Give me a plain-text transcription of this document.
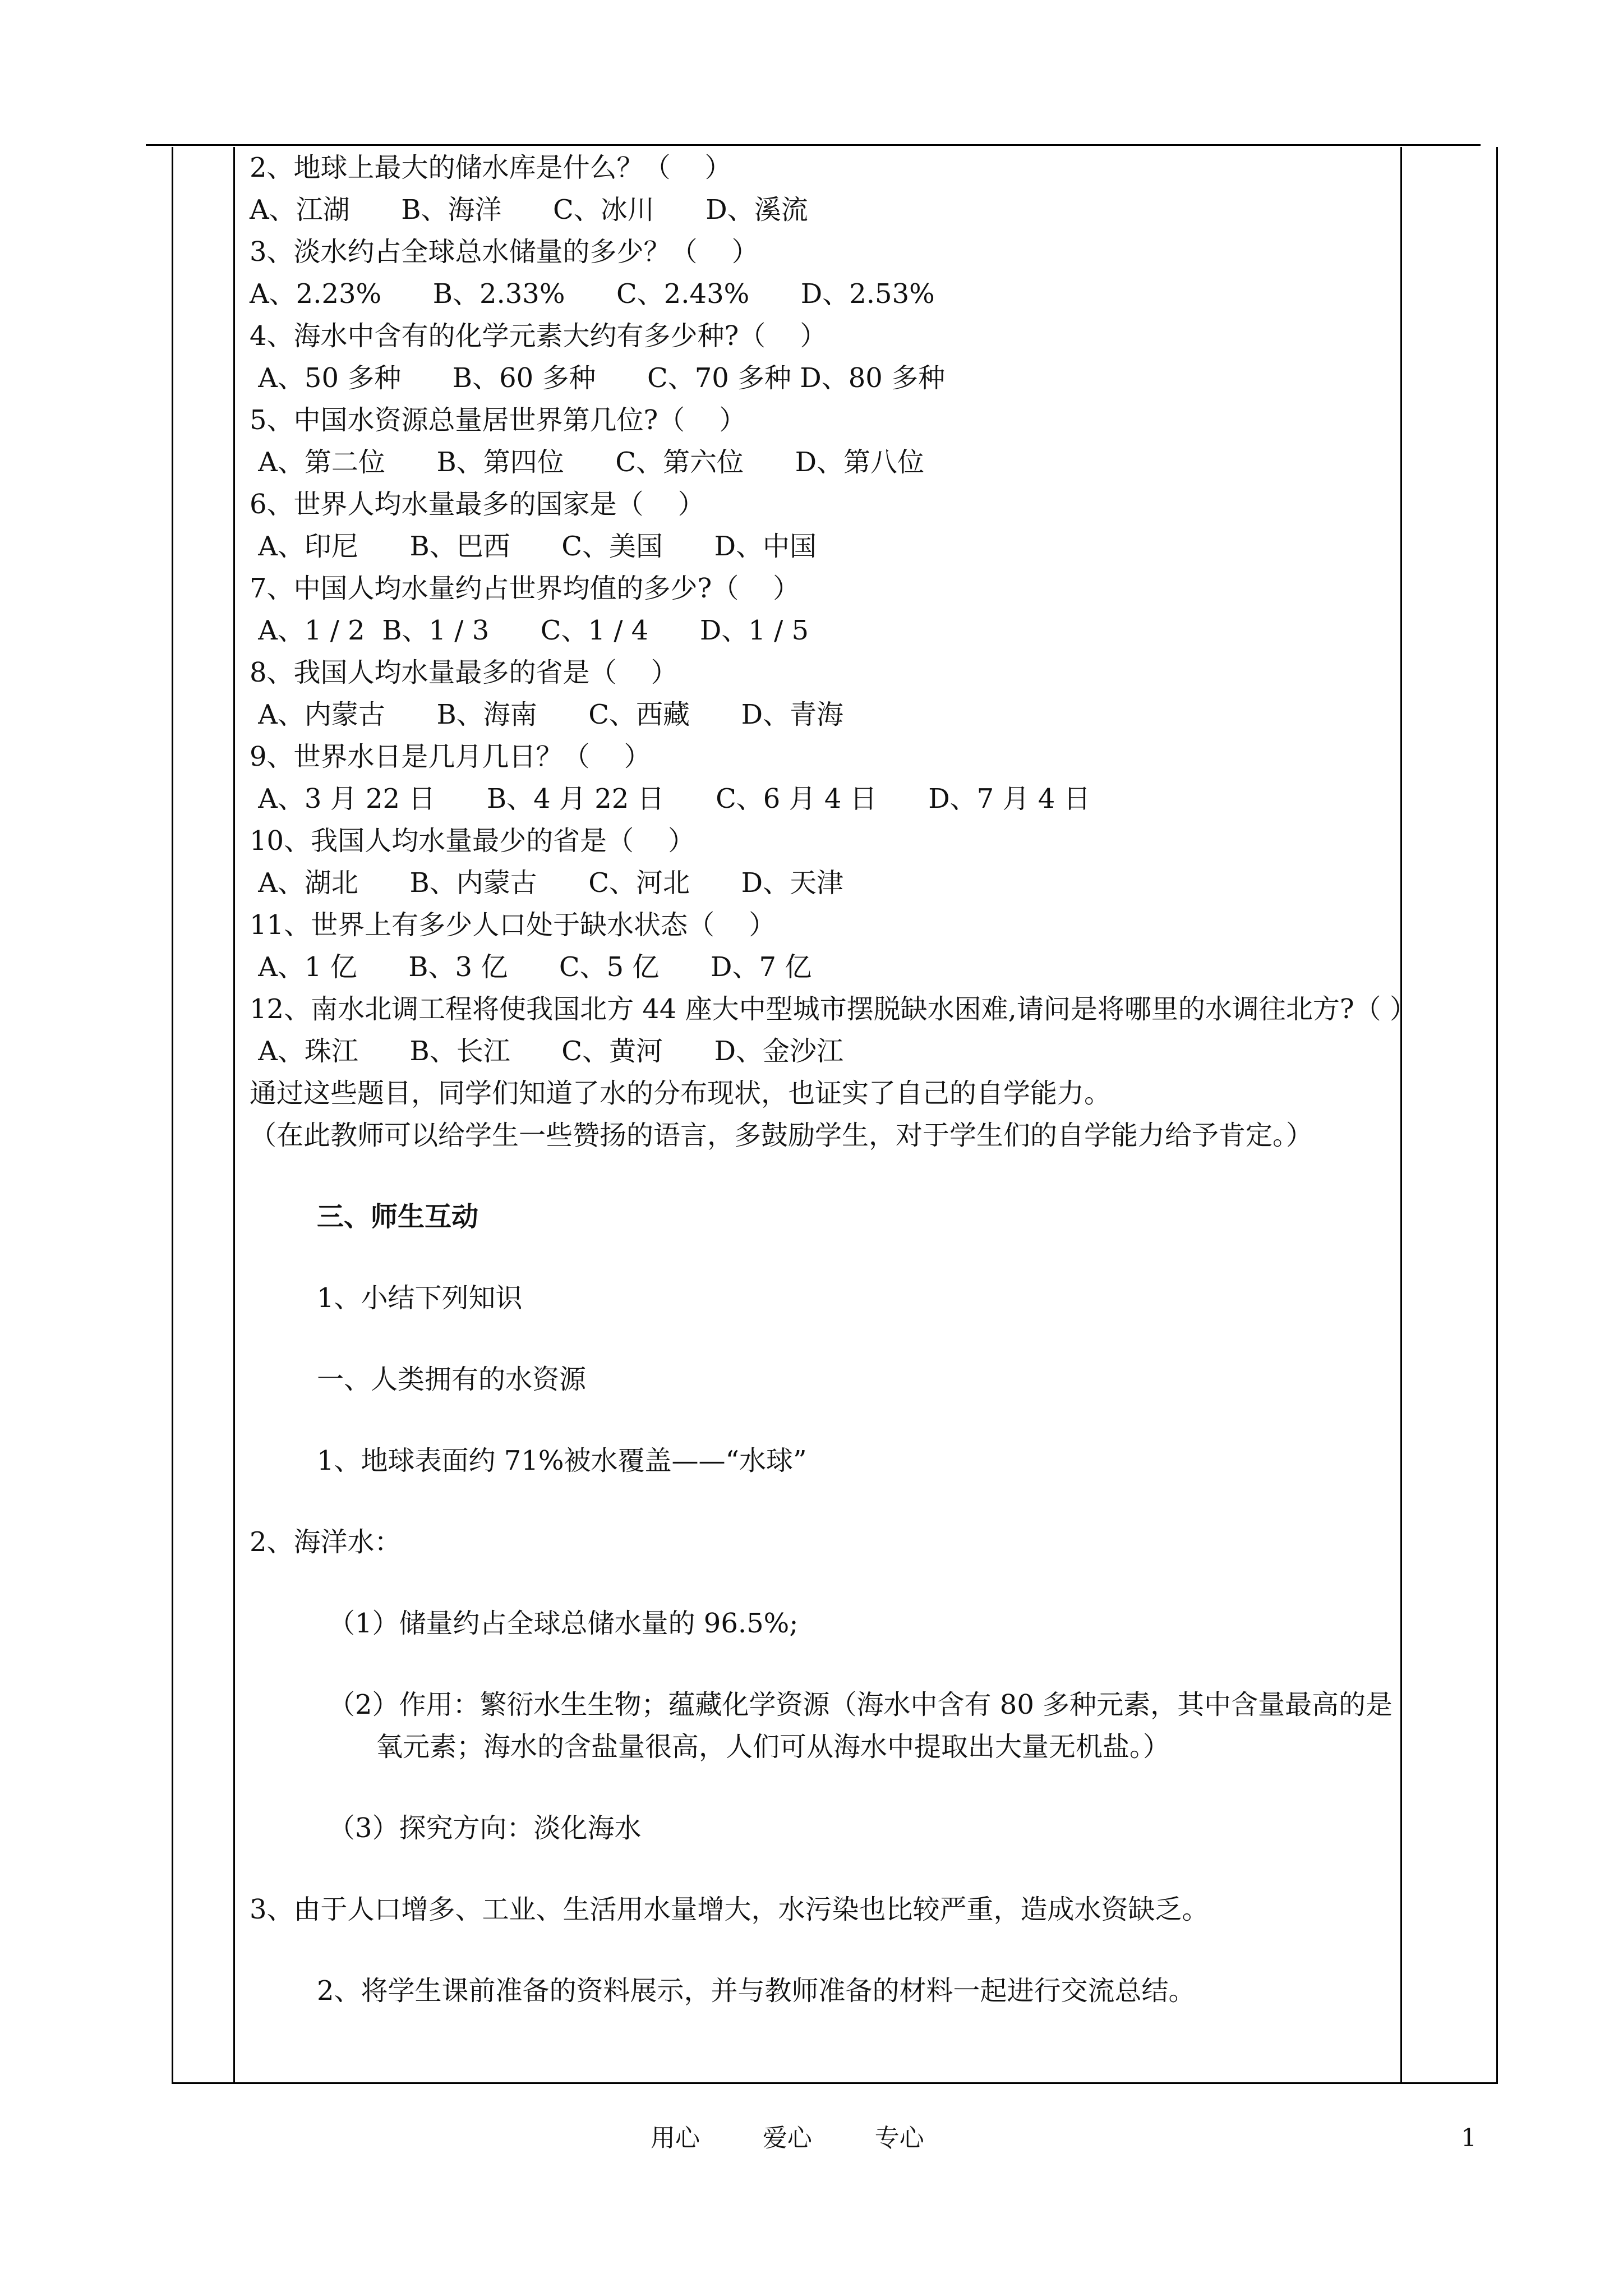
2、地球上最大的储水库是什么？（    ）

A、江湖      B、海洋      C、冰川      D、溪流

3、淡水约占全球总水储量的多少？（    ）

A、2.23%      B、2.33%      C、2.43%      D、2.53%

4、海水中含有的化学元素大约有多少种?（    ）

A、50 多种      B、60 多种      C、70 多种 D、80 多种

5、中国水资源总量居世界第几位?（    ）

A、第二位      B、第四位      C、第六位      D、第八位

6、世界人均水量最多的国家是（    ）

A、印尼      B、巴西      C、美国      D、中国

7、中国人均水量约占世界均值的多少?（    ）

A、1 / 2  B、1 / 3      C、1 / 4      D、1 / 5

8、我国人均水量最多的省是（    ）

A、内蒙古      B、海南      C、西藏      D、青海

9、世界水日是几月几日？（    ）

A、3 月 22 日      B、4 月 22 日      C、6 月 4 日      D、7 月 4 日

10、我国人均水量最少的省是（    ）

A、湖北      B、内蒙古      C、河北      D、天津

11、世界上有多少人口处于缺水状态（    ）

A、1 亿      B、3 亿      C、5 亿      D、7 亿

12、南水北调工程将使我国北方 44 座大中型城市摆脱缺水困难,请问是将哪里的水调往北方?（ ）

A、珠江      B、长江      C、黄河      D、金沙江

通过这些题目，同学们知道了水的分布现状，也证实了自己的自学能力。

（在此教师可以给学生一些赞扬的语言，多鼓励学生，对于学生们的自学能力给予肯定。）

三、师生互动

1、小结下列知识

一、人类拥有的水资源

1、地球表面约 71%被水覆盖——“水球”

2、海洋水：

（1）储量约占全球总储水量的 96.5%;

（2）作用：繁衍水生生物；蕴藏化学资源（海水中含有 80 多种元素，其中含量最高的是氧元素；海水的含盐量很高，人们可从海水中提取出大量无机盐。）

（3）探究方向：淡化海水

3、由于人口增多、工业、生活用水量增大，水污染也比较严重，造成水资缺乏。

2、将学生课前准备的资料展示，并与教师准备的材料一起进行交流总结。

用心        爱心        专心	1
